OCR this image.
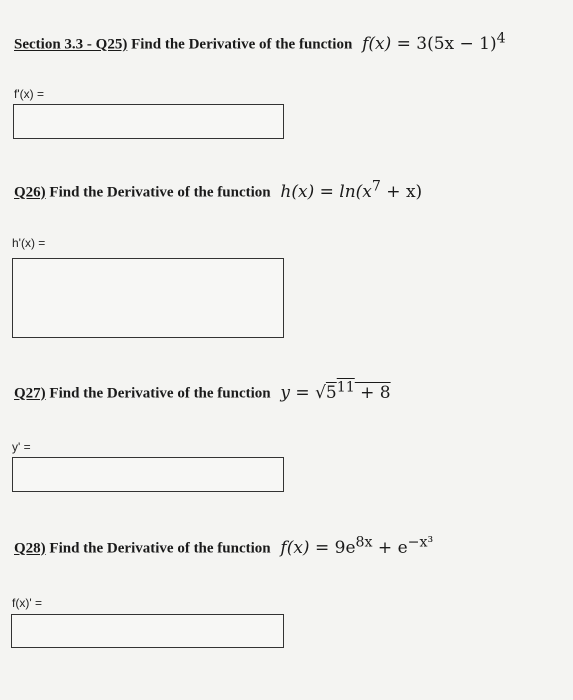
Section 3.3 - Q25) Find the Derivative of the function $f(x) = 3(5x - 1)^4$
f'(x) =
Q26) Find the Derivative of the function $h(x) = \ln(x^7 + x)$
h'(x) =
Q27) Find the Derivative of the function $y = √5^{11} + 8$
y' =
Q28) Find the Derivative of the function $f(x) = 9e^{8x} + e^{-x^3}$
f(x)' =
